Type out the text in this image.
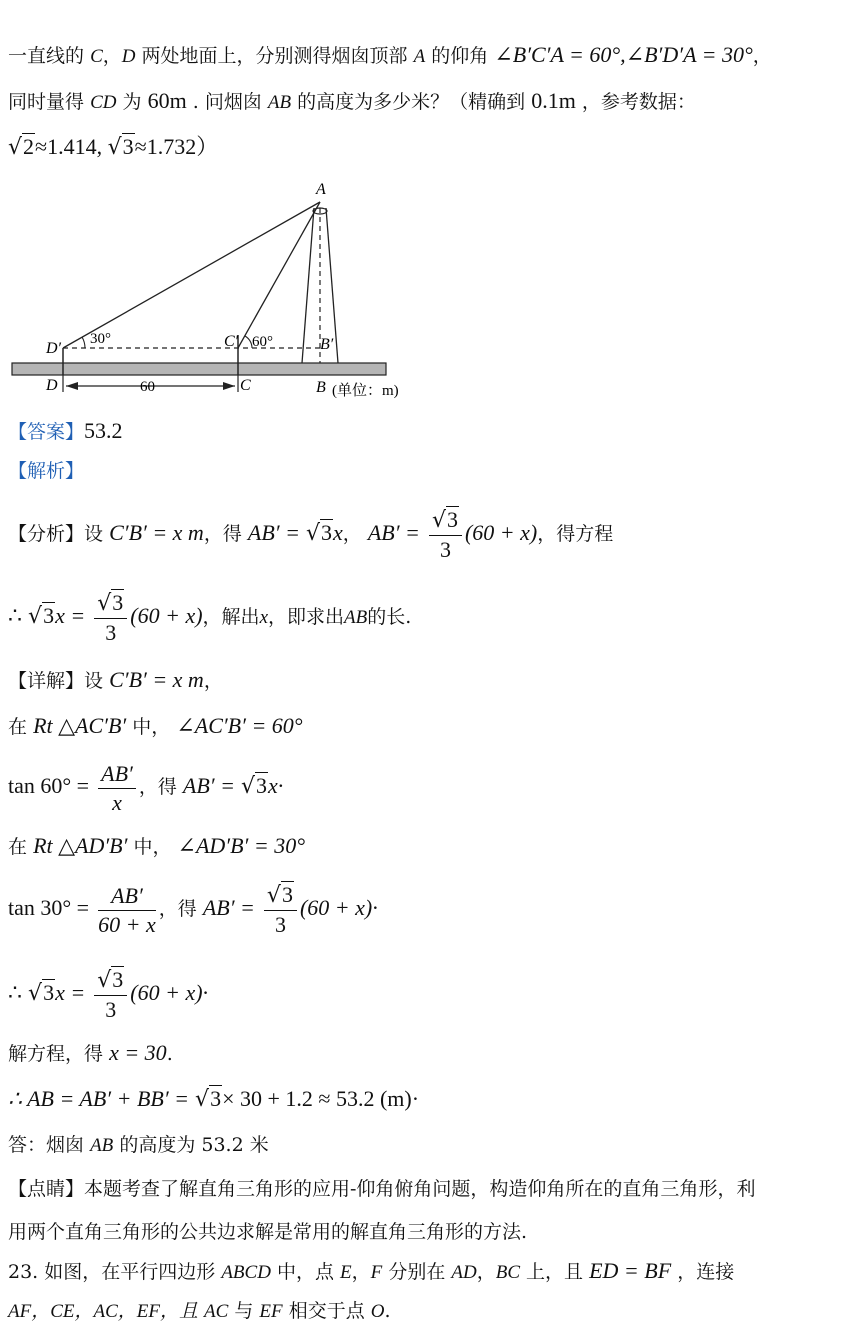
一直线的 C，D 两处地面上，分别测得烟囱顶部 A 的仰角 ∠B′C′A = 60°,∠B′D′A = 30°，
同时量得 CD 为 60m . 问烟囱 AB 的高度为多少米？（精确到 0.1m ，参考数据：
√2≈1.414, √3≈1.732）
A
D′
30°	C′ 60°	B′
D	60	C	B (单位：m)
【答案】53.2
【解析】
【分析】设 C′B′ = x m，得 AB′ = √3x， $AB' = \frac{√3}{3} (60 + x)$，得方程
∴ $√3x = \frac{√3}{3} (60 + x)$，解出x，即求出AB的长.
【详解】设 C′B′ = x m，
在 Rt △AC′B′ 中， ∠AC′B′ = 60°
$\tan 60^\circ = \frac{AB'}{x}$ ，得 AB′ = √3x·
在 Rt △AD′B′ 中， ∠AD′B′ = 30°
$\tan 30^\circ = \frac{AB'}{60 + x}$ ，得 $AB' = \frac{√3}{3} (60 + x)\cdot$
∴ $√3x = \frac{√3}{3} (60 + x)\cdot$
解方程，得 x = 30.
∴ AB = AB′ + BB′ = √3× 30 + 1.2 ≈ 53.2 (m)·
答：烟囱 AB 的高度为 53.2 米
【点睛】本题考查了解直角三角形的应用-仰角俯角问题，构造仰角所在的直角三角形，利
用两个直角三角形的公共边求解是常用的解直角三角形的方法.
23. 如图，在平行四边形 ABCD 中，点 E，F 分别在 AD，BC 上，且 ED = BF ，连接
AF，CE，AC，EF，且 AC 与 EF 相交于点 O.
